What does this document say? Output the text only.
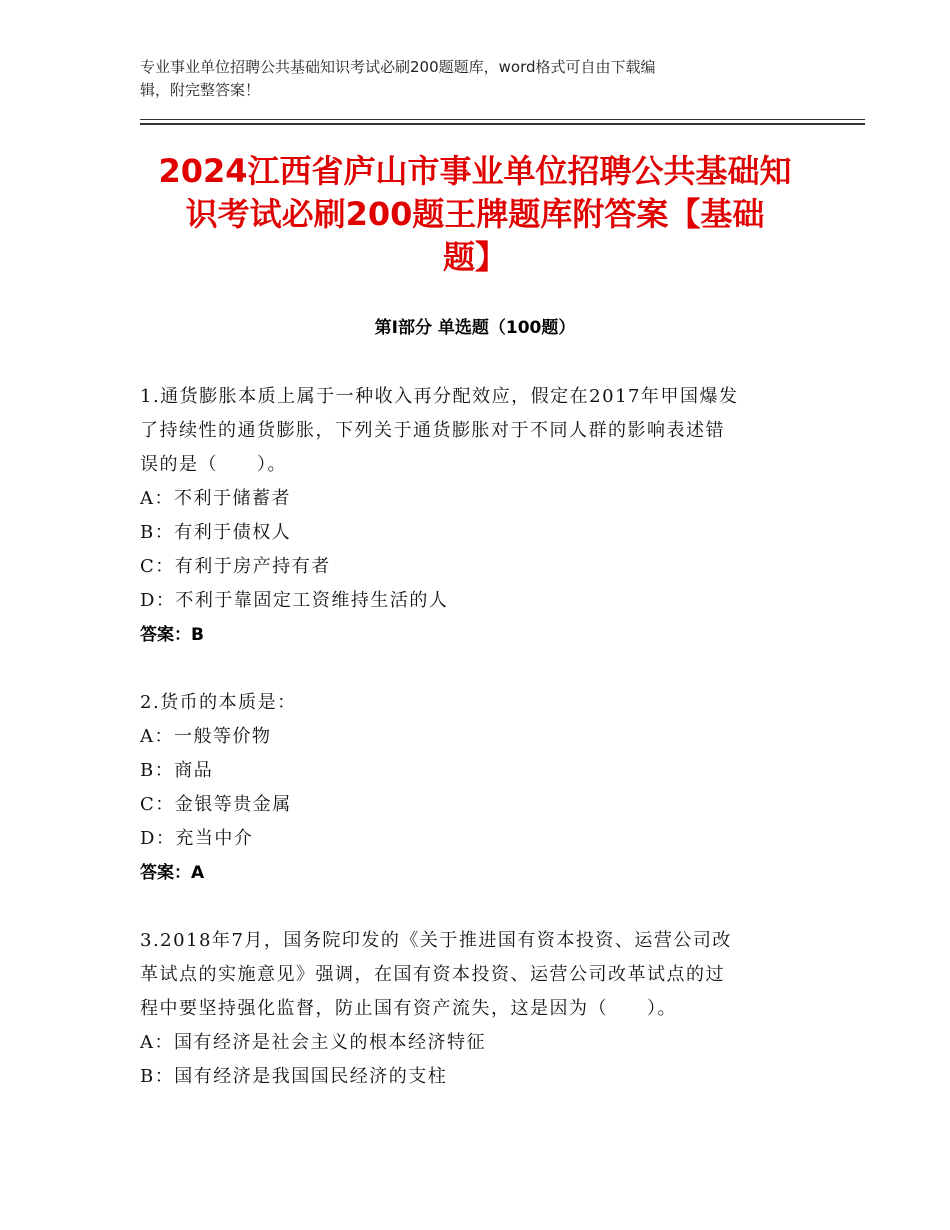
专业事业单位招聘公共基础知识考试必刷200题题库，word格式可自由下载编
辑，附完整答案！
2024江西省庐山市事业单位招聘公共基础知
识考试必刷200题王牌题库附答案【基础
题】
第Ⅰ部分 单选题（100题）
1.通货膨胀本质上属于一种收入再分配效应，假定在2017年甲国爆发
了持续性的通货膨胀，下列关于通货膨胀对于不同人群的影响表述错
误的是（　　）。
A：不利于储蓄者
B：有利于债权人
C：有利于房产持有者
D：不利于靠固定工资维持生活的人
答案：B
2.货币的本质是：
A：一般等价物
B：商品
C：金银等贵金属
D：充当中介
答案：A
3.2018年7月，国务院印发的《关于推进国有资本投资、运营公司改
革试点的实施意见》强调，在国有资本投资、运营公司改革试点的过
程中要坚持强化监督，防止国有资产流失，这是因为（　　）。
A：国有经济是社会主义的根本经济特征
B：国有经济是我国国民经济的支柱
